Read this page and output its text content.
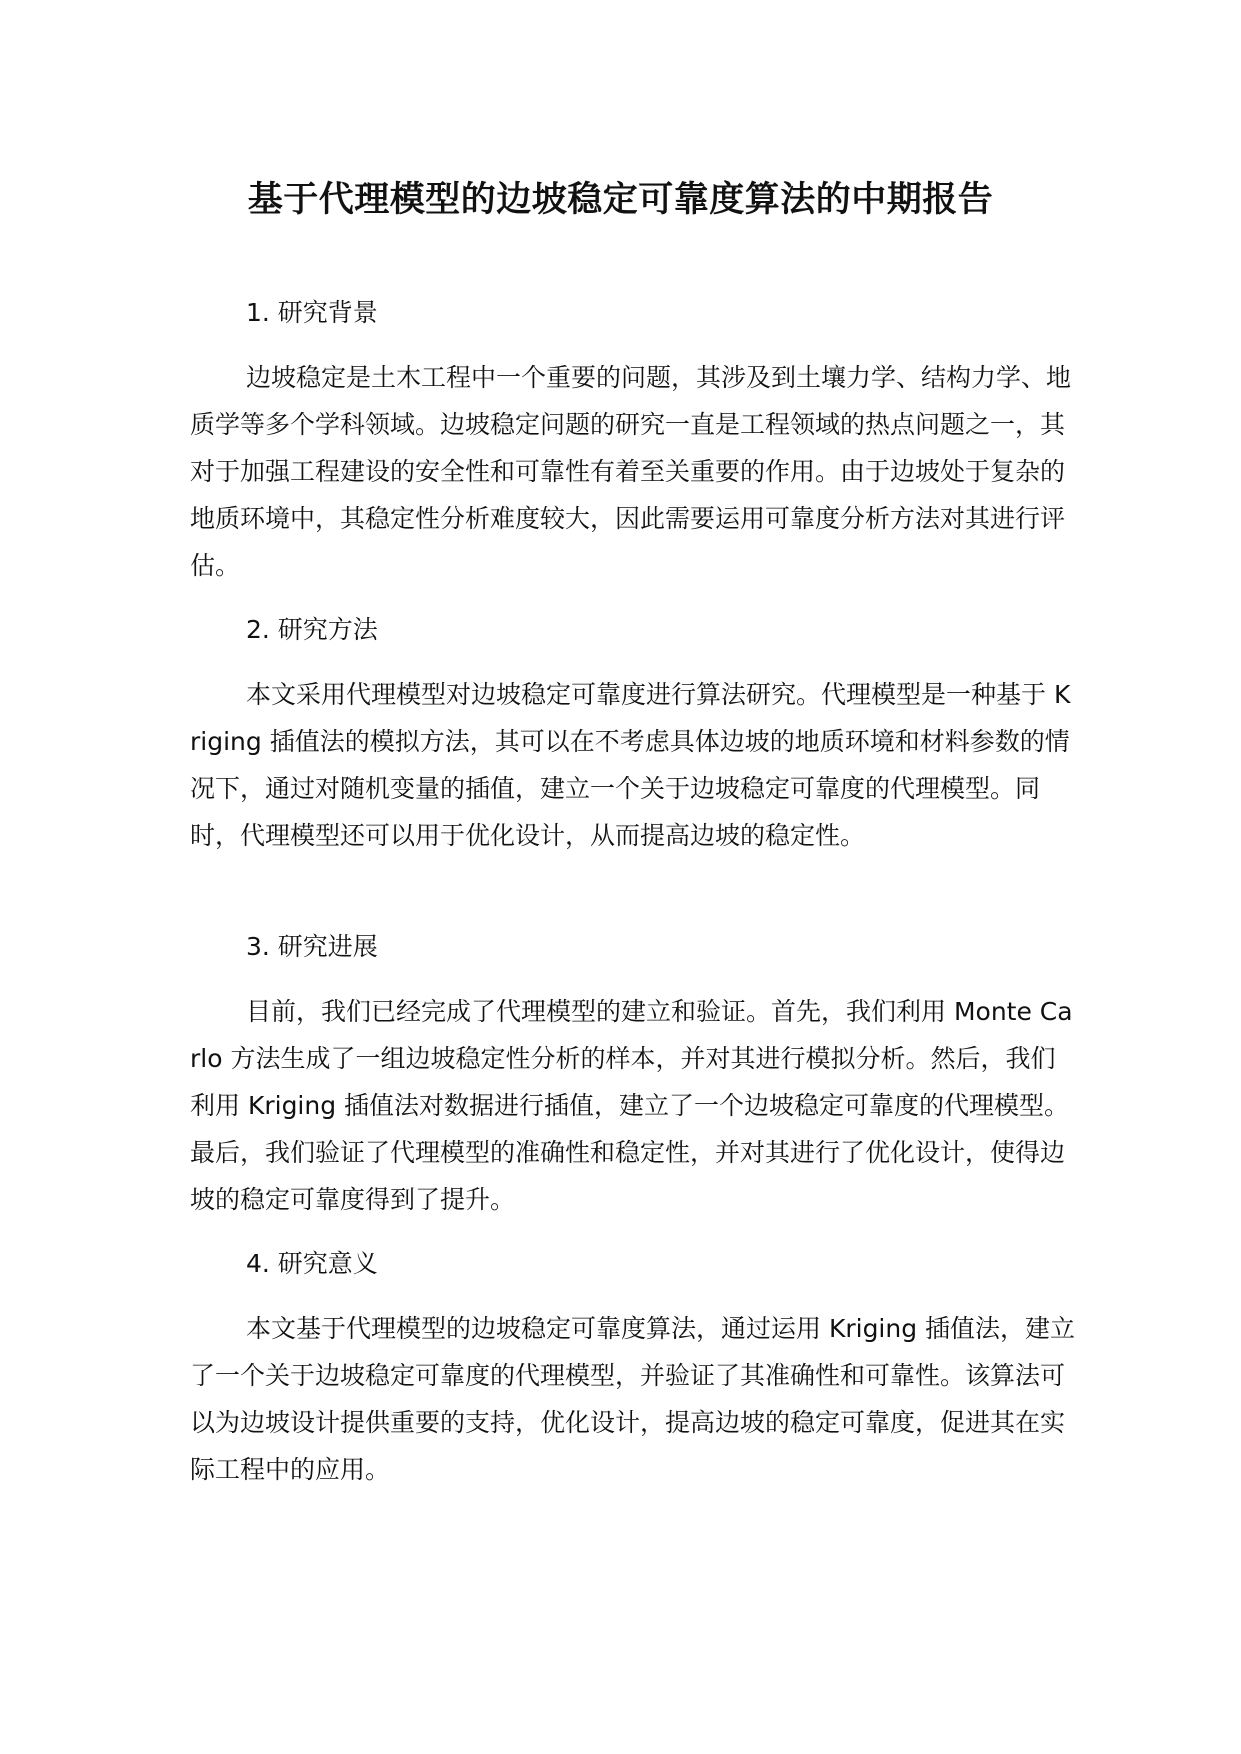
基于代理模型的边坡稳定可靠度算法的中期报告

1. 研究背景

边坡稳定是土木工程中一个重要的问题，其涉及到土壤力学、结构力学、地质学等多个学科领域。边坡稳定问题的研究一直是工程领域的热点问题之一，其对于加强工程建设的安全性和可靠性有着至关重要的作用。由于边坡处于复杂的地质环境中，其稳定性分析难度较大，因此需要运用可靠度分析方法对其进行评估。

2. 研究方法

本文采用代理模型对边坡稳定可靠度进行算法研究。代理模型是一种基于 Kriging 插值法的模拟方法，其可以在不考虑具体边坡的地质环境和材料参数的情况下，通过对随机变量的插值，建立一个关于边坡稳定可靠度的代理模型。同时，代理模型还可以用于优化设计，从而提高边坡的稳定性。

3. 研究进展

目前，我们已经完成了代理模型的建立和验证。首先，我们利用 Monte Carlo 方法生成了一组边坡稳定性分析的样本，并对其进行模拟分析。然后，我们利用 Kriging 插值法对数据进行插值，建立了一个边坡稳定可靠度的代理模型。最后，我们验证了代理模型的准确性和稳定性，并对其进行了优化设计，使得边坡的稳定可靠度得到了提升。

4. 研究意义

本文基于代理模型的边坡稳定可靠度算法，通过运用 Kriging 插值法，建立了一个关于边坡稳定可靠度的代理模型，并验证了其准确性和可靠性。该算法可以为边坡设计提供重要的支持，优化设计，提高边坡的稳定可靠度，促进其在实际工程中的应用。
